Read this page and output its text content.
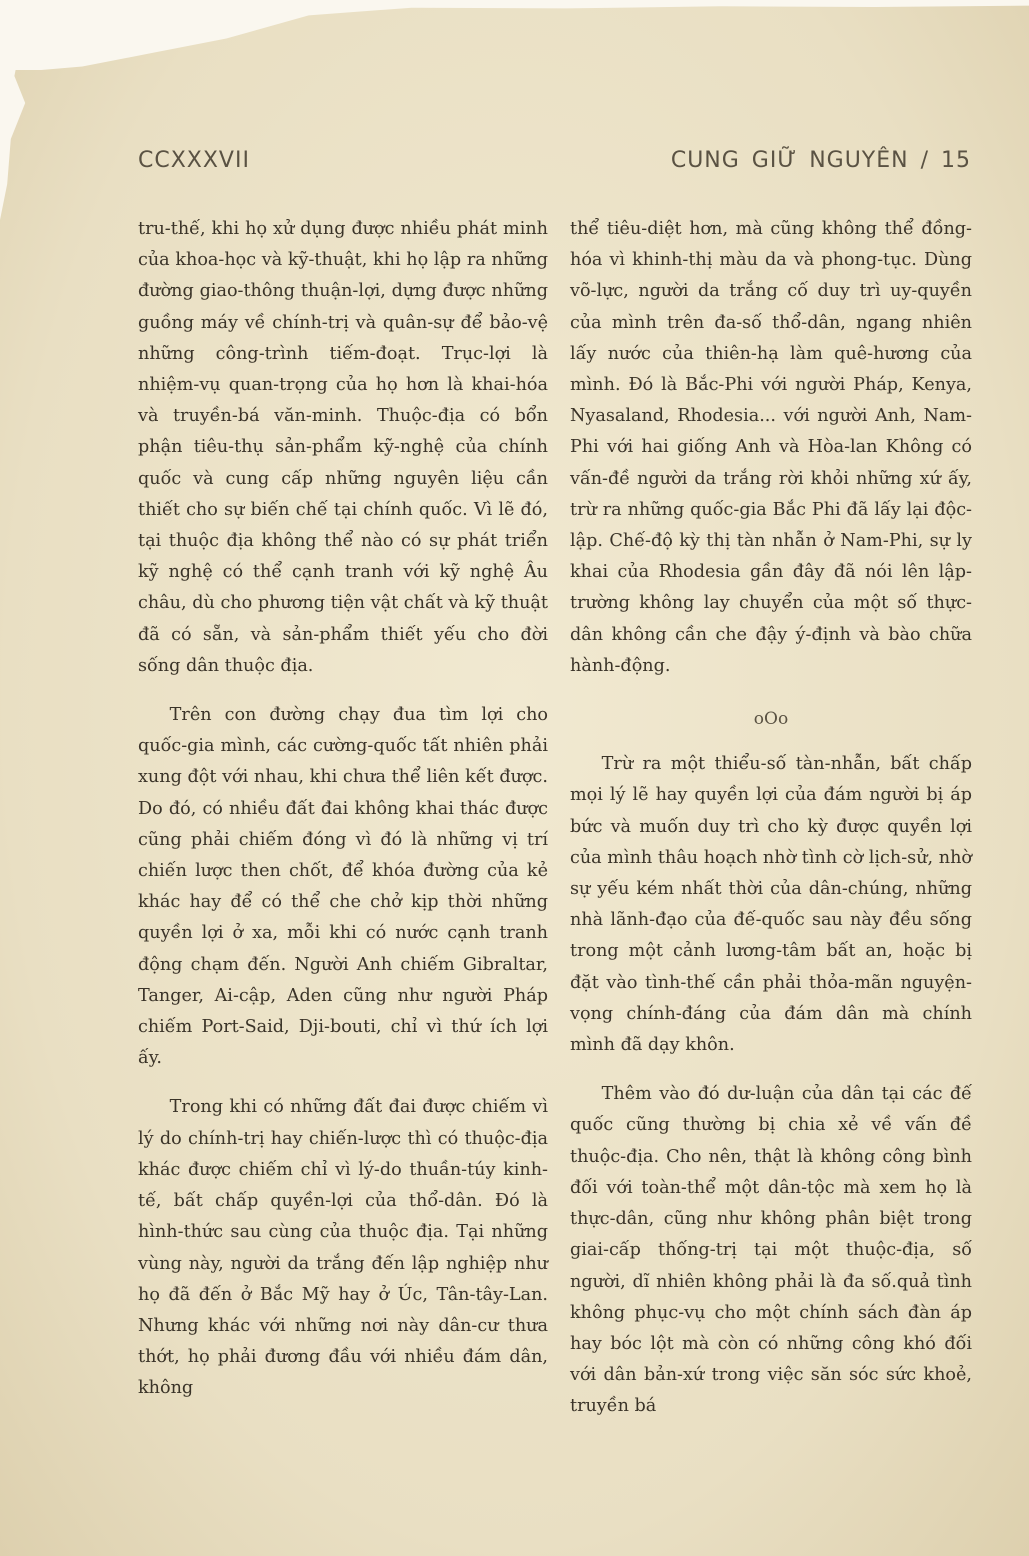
CCXXXVII	CUNG GIỮ NGUYÊN / 15

tru-thế, khi họ xử dụng được nhiều phát minh của khoa-học và kỹ-thuật, khi họ lập ra những đường giao-thông thuận-lợi, dựng được những guồng máy về chính-trị và quân-sự để bảo-vệ những công-trình tiếm-đoạt. Trục-lợi là nhiệm-vụ quan-trọng của họ hơn là khai-hóa và truyền-bá văn-minh. Thuộc-địa có bổn phận tiêu-thụ sản-phẩm kỹ-nghệ của chính quốc và cung cấp những nguyên liệu cần thiết cho sự biến chế tại chính quốc. Vì lẽ đó, tại thuộc địa không thể nào có sự phát triển kỹ nghệ có thể cạnh tranh với kỹ nghệ Âu châu, dù cho phương tiện vật chất và kỹ thuật đã có sẵn, và sản-phẩm thiết yếu cho đời sống dân thuộc địa.

Trên con đường chạy đua tìm lợi cho quốc-gia mình, các cường-quốc tất nhiên phải xung đột với nhau, khi chưa thể liên kết được. Do đó, có nhiều đất đai không khai thác được cũng phải chiếm đóng vì đó là những vị trí chiến lược then chốt, để khóa đường của kẻ khác hay để có thể che chở kịp thời những quyền lợi ở xa, mỗi khi có nước cạnh tranh động chạm đến. Người Anh chiếm Gibraltar, Tanger, Ai-cập, Aden cũng như người Pháp chiếm Port-Said, Dji-bouti, chỉ vì thứ ích lợi ấy.

Trong khi có những đất đai được chiếm vì lý do chính-trị hay chiến-lược thì có thuộc-địa khác được chiếm chỉ vì lý-do thuần-túy kinh-tế, bất chấp quyền-lợi của thổ-dân. Đó là hình-thức sau cùng của thuộc địa. Tại những vùng này, người da trắng đến lập nghiệp như họ đã đến ở Bắc Mỹ hay ở Úc, Tân-tây-Lan. Nhưng khác với những nơi này dân-cư thưa thớt, họ phải đương đầu với nhiều đám dân, không

thể tiêu-diệt hơn, mà cũng không thể đồng-hóa vì khinh-thị màu da và phong-tục. Dùng võ-lực, người da trắng cố duy trì uy-quyền của mình trên đa-số thổ-dân, ngang nhiên lấy nước của thiên-hạ làm quê-hương của mình. Đó là Bắc-Phi với người Pháp, Kenya, Nyasaland, Rhodesia... với người Anh, Nam-Phi với hai giống Anh và Hòa-lan Không có vấn-đề người da trắng rời khỏi những xứ ấy, trừ ra những quốc-gia Bắc Phi đã lấy lại độc-lập. Chế-độ kỳ thị tàn nhẫn ở Nam-Phi, sự ly khai của Rhodesia gần đây đã nói lên lập-trường không lay chuyển của một số thực-dân không cần che đậy ý-định và bào chữa hành-động.

oOo

Trừ ra một thiểu-số tàn-nhẫn, bất chấp mọi lý lẽ hay quyền lợi của đám người bị áp bức và muốn duy trì cho kỳ được quyền lợi của mình thâu hoạch nhờ tình cờ lịch-sử, nhờ sự yếu kém nhất thời của dân-chúng, những nhà lãnh-đạo của đế-quốc sau này đều sống trong một cảnh lương-tâm bất an, hoặc bị đặt vào tình-thế cần phải thỏa-mãn nguyện-vọng chính-đáng của đám dân mà chính mình đã dạy khôn.

Thêm vào đó dư-luận của dân tại các đế quốc cũng thường bị chia xẻ về vấn đề thuộc-địa. Cho nên, thật là không công bình đối với toàn-thể một dân-tộc mà xem họ là thực-dân, cũng như không phân biệt trong giai-cấp thống-trị tại một thuộc-địa, số người, dĩ nhiên không phải là đa số.quả tình không phục-vụ cho một chính sách đàn áp hay bóc lột mà còn có những công khó đối với dân bản-xứ trong việc săn sóc sức khoẻ, truyền bá
